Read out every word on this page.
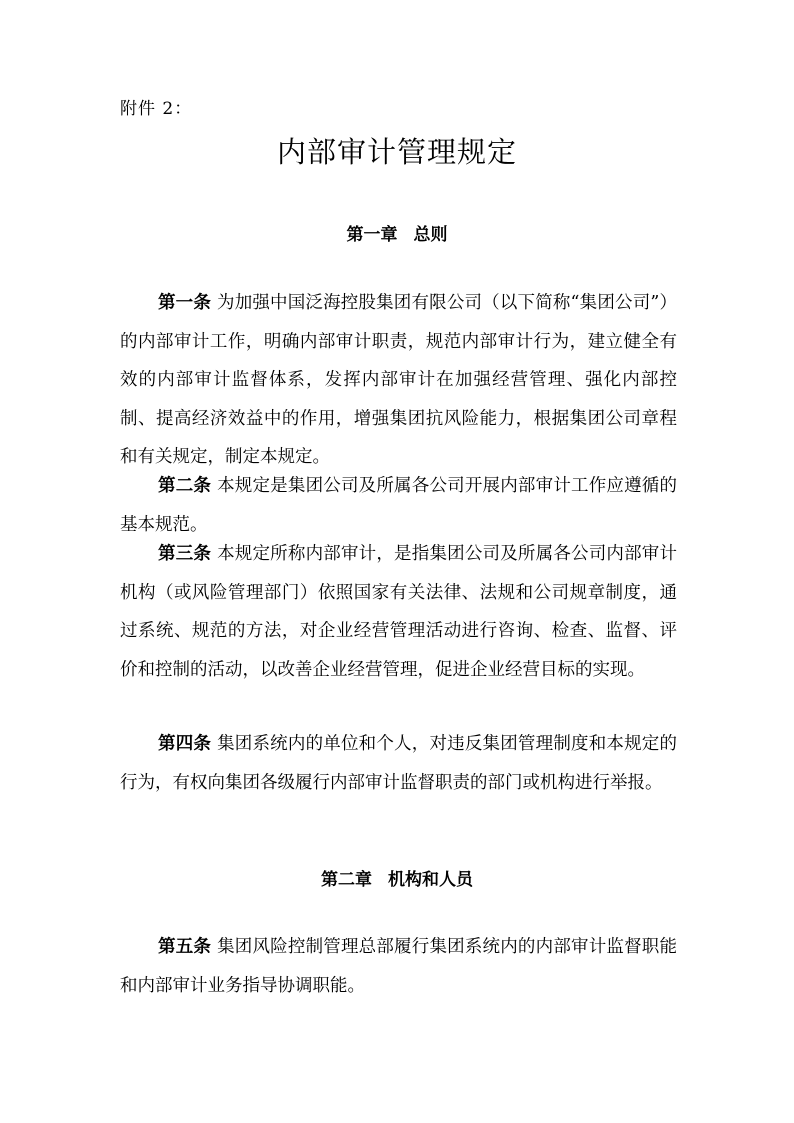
附件 2：
内部审计管理规定
第一章 总则
第一条 为加强中国泛海控股集团有限公司（以下简称“集团公司”）的内部审计工作，明确内部审计职责，规范内部审计行为，建立健全有效的内部审计监督体系，发挥内部审计在加强经营管理、强化内部控制、提高经济效益中的作用，增强集团抗风险能力，根据集团公司章程和有关规定，制定本规定。
第二条 本规定是集团公司及所属各公司开展内部审计工作应遵循的基本规范。
第三条 本规定所称内部审计，是指集团公司及所属各公司内部审计机构（或风险管理部门）依照国家有关法律、法规和公司规章制度，通过系统、规范的方法，对企业经营管理活动进行咨询、检查、监督、评价和控制的活动，以改善企业经营管理，促进企业经营目标的实现。
第四条 集团系统内的单位和个人，对违反集团管理制度和本规定的行为，有权向集团各级履行内部审计监督职责的部门或机构进行举报。
第二章 机构和人员
第五条 集团风险控制管理总部履行集团系统内的内部审计监督职能和内部审计业务指导协调职能。
